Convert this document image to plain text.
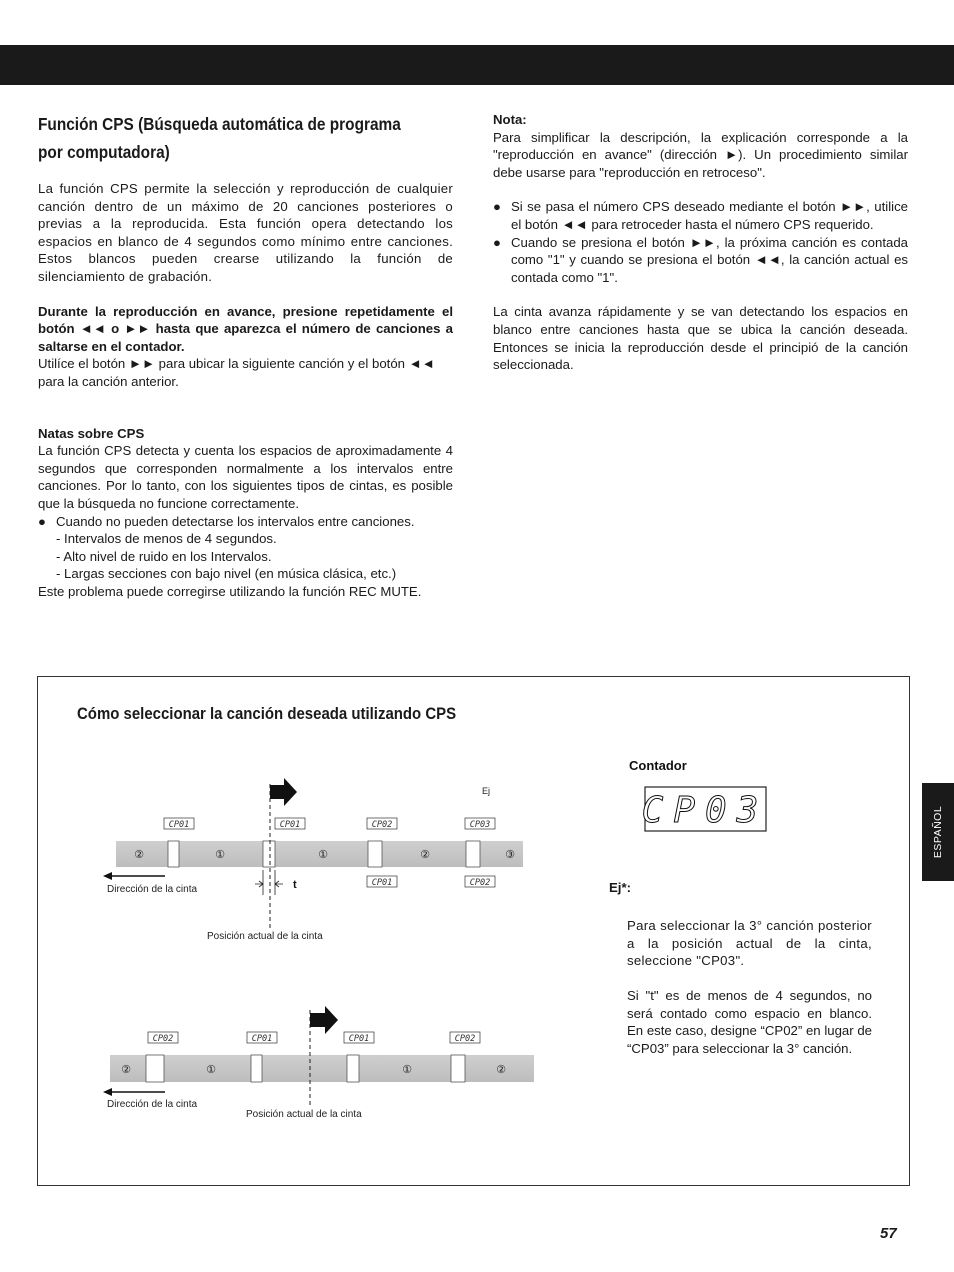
Función CPS (Búsqueda automática de programa por computadora)

La función CPS permite la selección y reproducción de cualquier canción dentro de un máximo de 20 canciones posteriores o previas a la reproducida. Esta función opera detectando los espacios en blanco de 4 segundos como mínimo entre canciones. Estos blancos pueden crearse utilizando la función de silenciamiento de grabación.

Durante la reproducción en avance, presione repetidamente el botón ◄◄ o ►► hasta que aparezca el número de canciones a saltarse en el contador.

Utilíce el botón ►► para ubicar la siguiente canción y el botón ◄◄ para la canción anterior.

Natas sobre CPS

La función CPS detecta y cuenta los espacios de aproximadamente 4 segundos que corresponden normalmente a los intervalos entre canciones. Por lo tanto, con los siguientes tipos de cintas, es posible que la búsqueda no funcione correctamente.

● Cuando no pueden detectarse los intervalos entre canciones.

- Intervalos de menos de 4 segundos.

- Alto nivel de ruido en los Intervalos.

- Largas secciones con bajo nivel (en música clásica, etc.)

Este problema puede corregirse utilizando la función REC MUTE.

Nota:

Para simplificar la descripción, la explicación corresponde a la "reproducción en avance" (dirección ►). Un procedimiento similar debe usarse para "reproducción en retroceso".

● Si se pasa el número CPS deseado mediante el botón ►►, utilice el botón ◄◄ para retroceder hasta el número CPS requerido.
● Cuando se presiona el botón ►►, la próxima canción es contada como "1" y cuando se presiona el botón ◄◄, la canción actual es contada como "1".

La cinta avanza rápidamente y se van detectando los espacios en blanco entre canciones hasta que se ubica la canción deseada. Entonces se inicia la reproducción desde el principió de la canción seleccionada.

Cómo seleccionar la canción deseada utilizando CPS
②	①	①	②	③
CP01	CP01	CP02	CP03
CP01	CP02
t
Dirección de la cinta
Posición actual de la cinta
Ej
②	①	①	②
CP02	CP01	CP01	CP02
Dirección de la cinta
Posición actual de la cinta
Contador
CP03
Ej*:
Para seleccionar la 3° canción posterior a la posición actual de la cinta, seleccione "CP03".
Si "t" es de menos de 4 segundos, no será contado como espacio en blanco. En este caso, designe “CP02” en lugar de “CP03” para seleccionar la 3° canción.
ESPAÑOL
57
